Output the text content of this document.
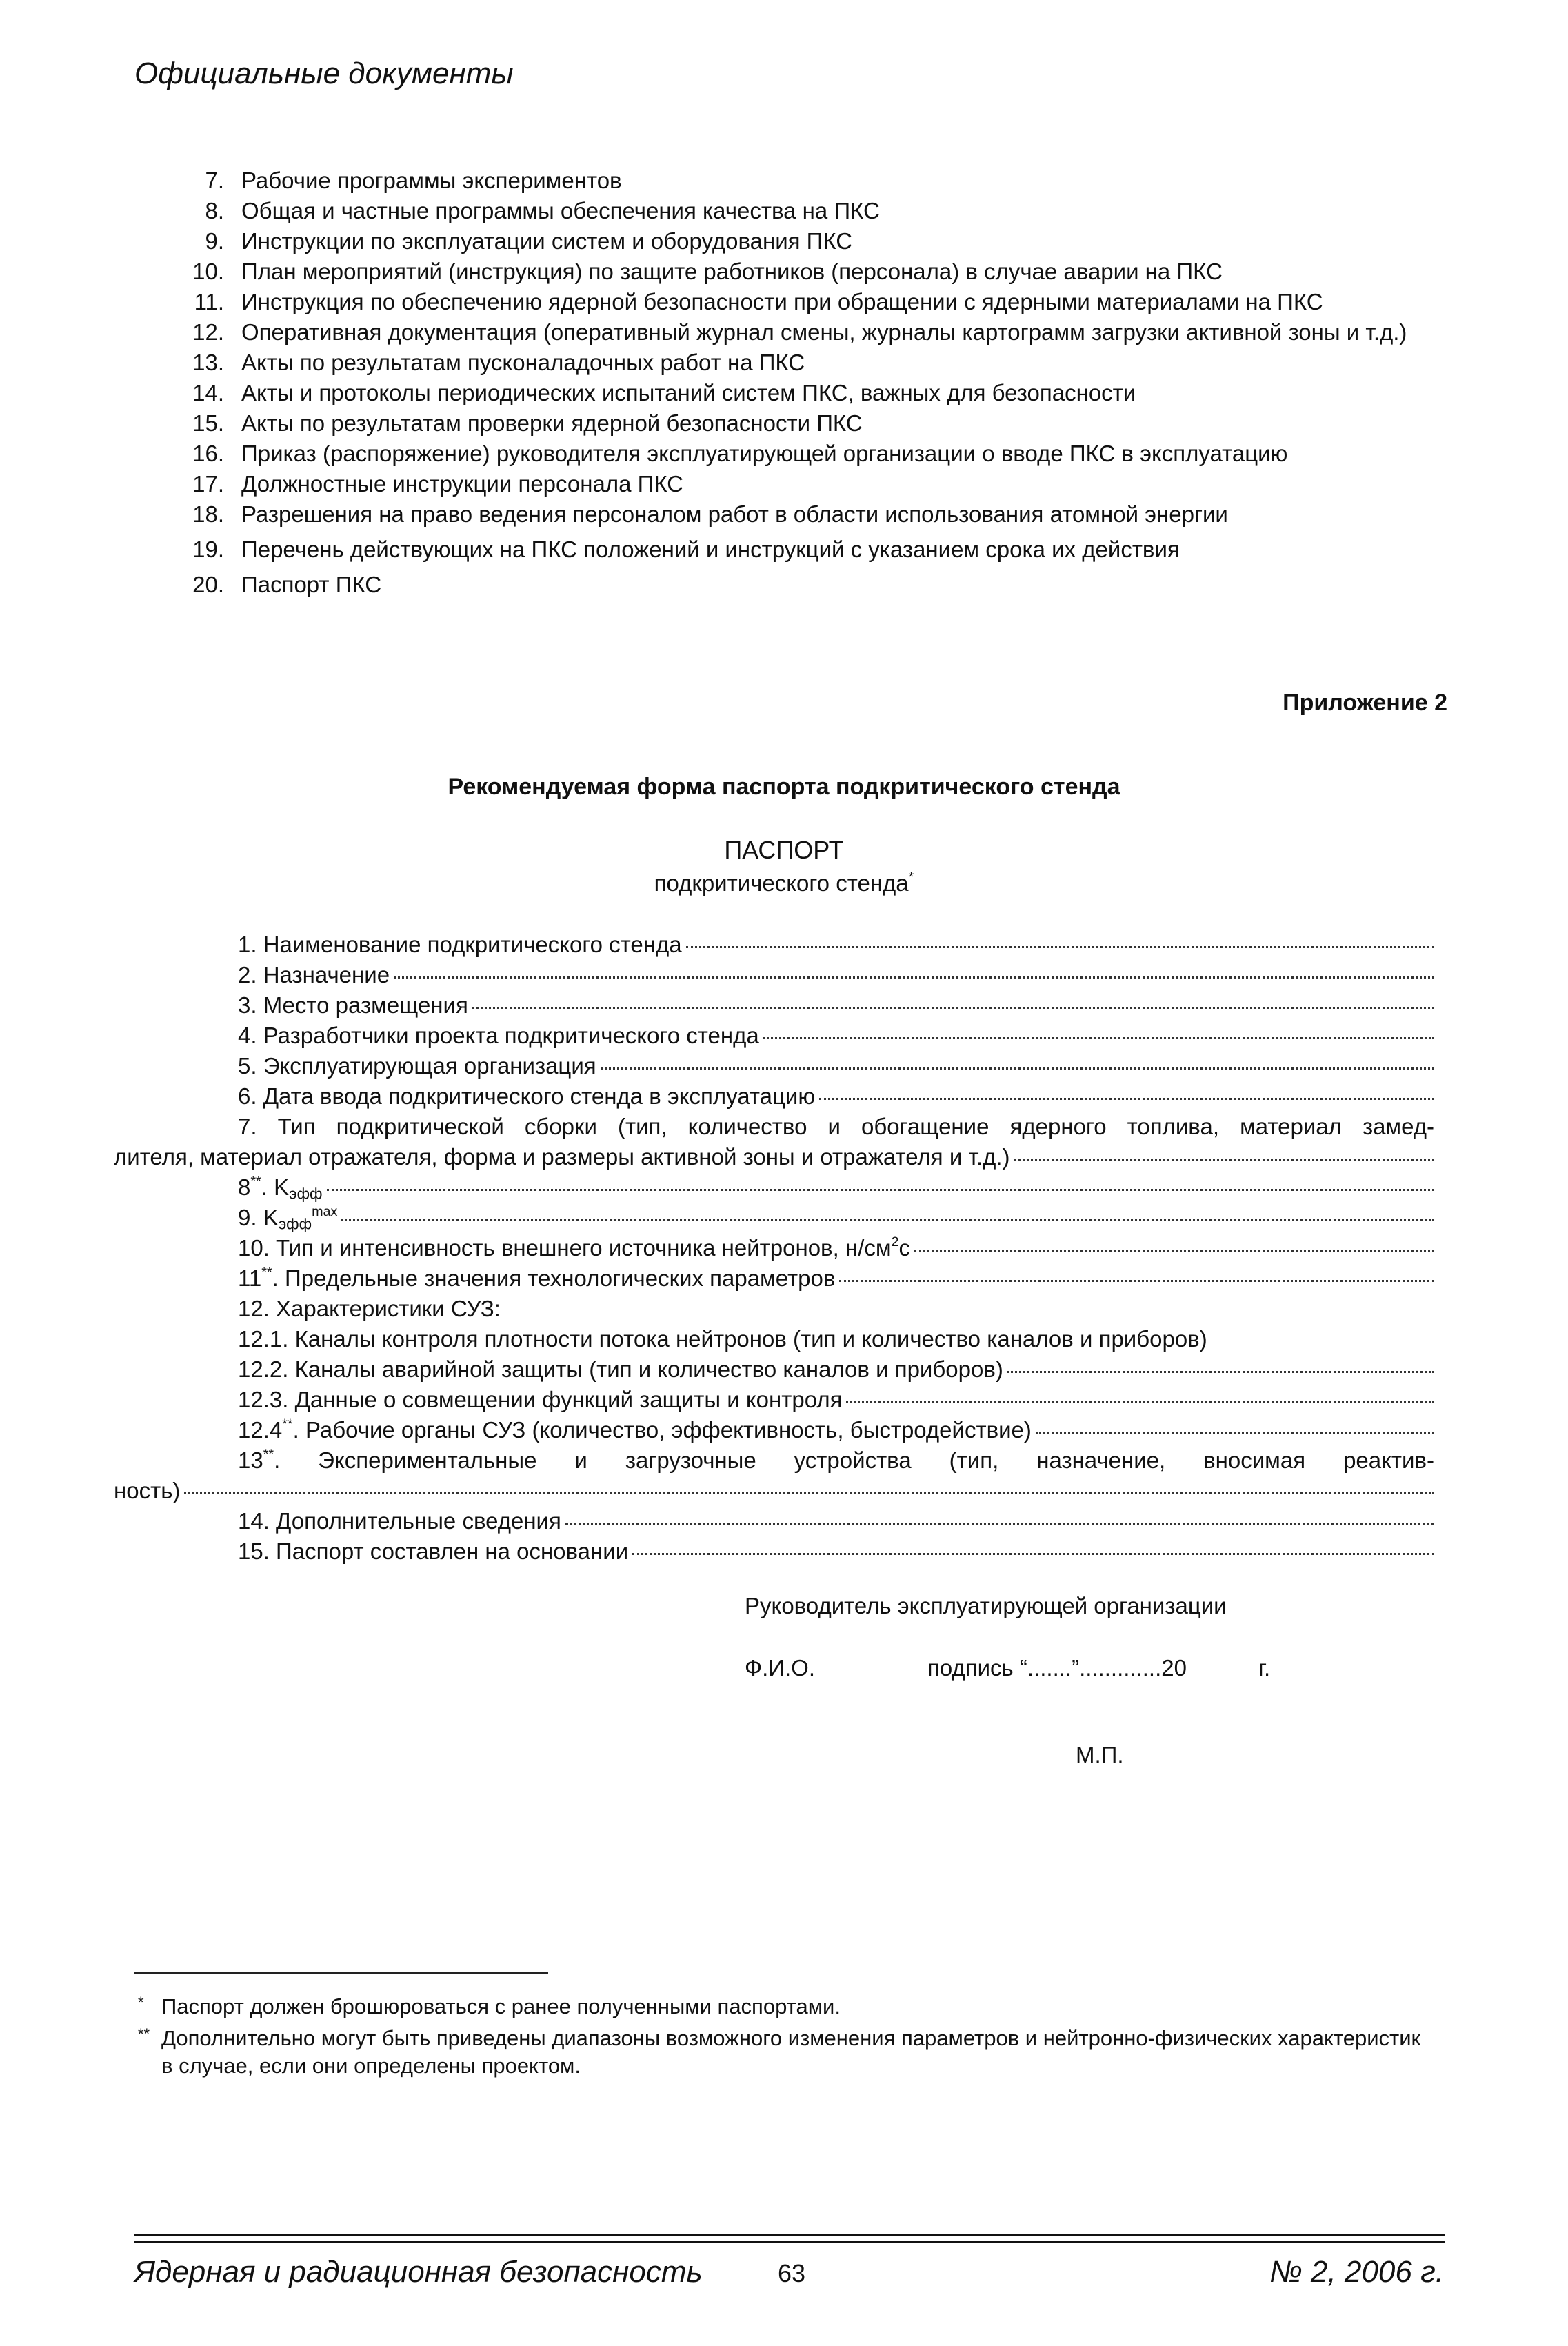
Официальные документы
7. Рабочие программы экспериментов
8. Общая и частные программы обеспечения качества на ПКС
9. Инструкции по эксплуатации систем и оборудования ПКС
10. План мероприятий (инструкция) по защите работников (персонала) в случае аварии на ПКС
11. Инструкция по обеспечению ядерной безопасности при обращении с ядерными материалами на ПКС
12. Оперативная документация (оперативный журнал смены, журналы картограмм загрузки активной зоны и т.д.)
13. Акты по результатам пусконаладочных работ на ПКС
14. Акты и протоколы периодических испытаний систем ПКС, важных для безопасности
15. Акты по результатам проверки ядерной безопасности ПКС
16. Приказ (распоряжение) руководителя эксплуатирующей организации о вводе ПКС в эксплуатацию
17. Должностные инструкции персонала ПКС
18. Разрешения на право ведения персоналом работ в области использования атомной энергии
19. Перечень действующих на ПКС положений и инструкций с указанием срока их действия
20. Паспорт ПКС
Приложение 2
Рекомендуемая форма паспорта подкритического стенда
ПАСПОРТ
подкритического стенда*
1. Наименование подкритического стенда
2. Назначение
3. Место размещения
4. Разработчики проекта подкритического стенда
5. Эксплуатирующая организация
6. Дата ввода подкритического стенда в эксплуатацию
7. Тип подкритической сборки (тип, количество и обогащение ядерного топлива, материал замед-
лителя, материал отражателя, форма и размеры активной зоны и отражателя и т.д.)
8**. $K_{эфф}$
9. $K_{эфф}^{max}$
10. Тип и интенсивность внешнего источника нейтронов, $н/см^2с$
11**. Предельные значения технологических параметров
12. Характеристики СУЗ:
12.1. Каналы контроля плотности потока нейтронов (тип и количество каналов и приборов)
12.2. Каналы аварийной защиты (тип и количество каналов и приборов)
12.3. Данные о совмещении функций защиты и контроля
12.4**. Рабочие органы СУЗ (количество, эффективность, быстродействие)
13**. Экспериментальные и загрузочные устройства (тип, назначение, вносимая реактив-
ность)
14. Дополнительные сведения
15. Паспорт составлен на основании
Руководитель эксплуатирующей организации
Ф.И.О.	подпись “.......”.............20	г.
М.П.
* Паспорт должен брошюроваться с ранее полученными паспортами.
** Дополнительно могут быть приведены диапазоны возможного изменения параметров и нейтронно-физических характеристик в случае, если они определены проектом.
Ядерная и радиационная безопасность	63	№ 2, 2006 г.
